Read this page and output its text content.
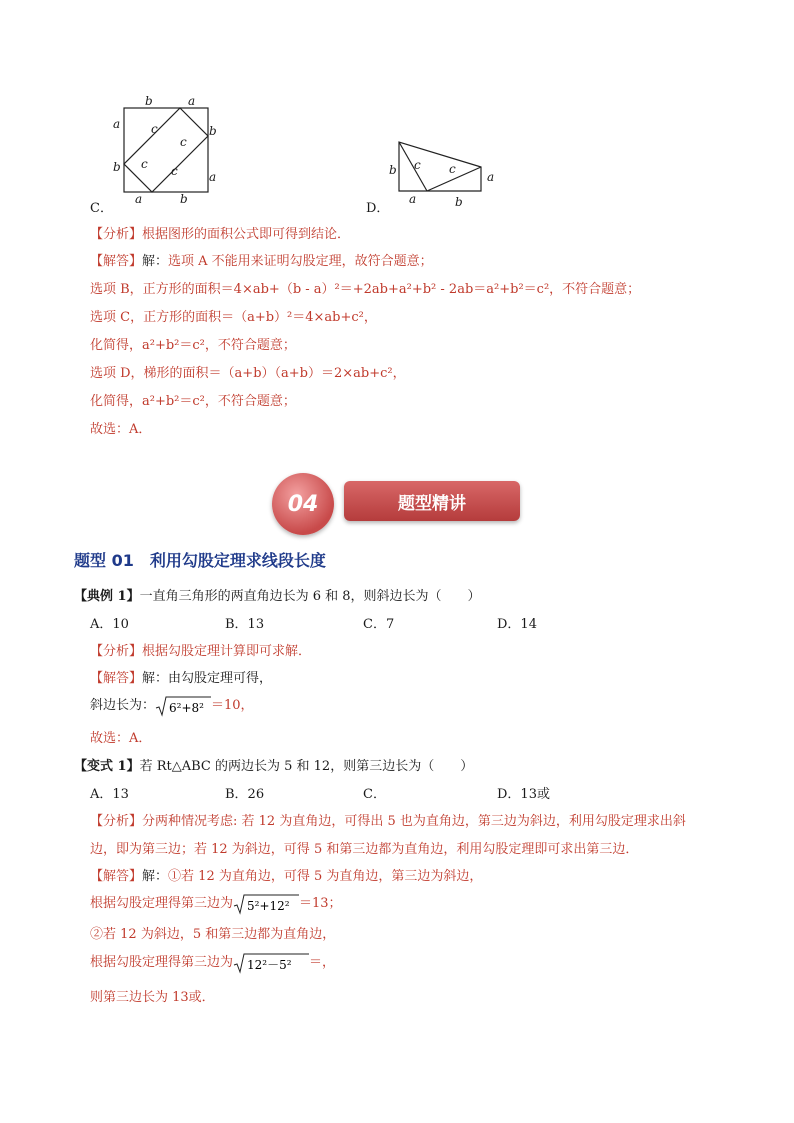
b	a
a
b
b
a
a	b
c
c
c c
C．
b	a
a	b
c c
D．
【分析】根据图形的面积公式即可得到结论．
【解答】解：选项 A 不能用来证明勾股定理，故符合题意；
选项 B，正方形的面积＝4×ab+（b - a）²＝+2ab+a²+b² - 2ab＝a²+b²＝c²，不符合题意；
选项 C，正方形的面积＝（a+b）²＝4×ab+c²，
化简得，a²+b²＝c²，不符合题意；
选项 D，梯形的面积＝（a+b）（a+b）＝2×ab+c²，
化简得，a²+b²＝c²，不符合题意；
故选：A．
题型精讲
04
题型 01　利用勾股定理求线段长度
【典例 1】一直角三角形的两直角边长为 6 和 8，则斜边长为（　　）
A．10	B．13	C．7	D．14
【分析】根据勾股定理计算即可求解．
【解答】解：由勾股定理可得，
斜边长为： 6²+8² ＝10，
故选：A．
【变式 1】若 Rt△ABC 的两边长为 5 和 12，则第三边长为（　　）
A．13	B．26	C．	D．13或
【分析】分两种情况考虑: 若 12 为直角边，可得出 5 也为直角边，第三边为斜边，利用勾股定理求出斜
边，即为第三边；若 12 为斜边，可得 5 和第三边都为直角边，利用勾股定理即可求出第三边．
【解答】解：①若 12 为直角边，可得 5 为直角边，第三边为斜边，
根据勾股定理得第三边为 5²+12² ＝13；
②若 12 为斜边，5 和第三边都为直角边，
根据勾股定理得第三边为 12²－5² ＝，
则第三边长为 13或．
